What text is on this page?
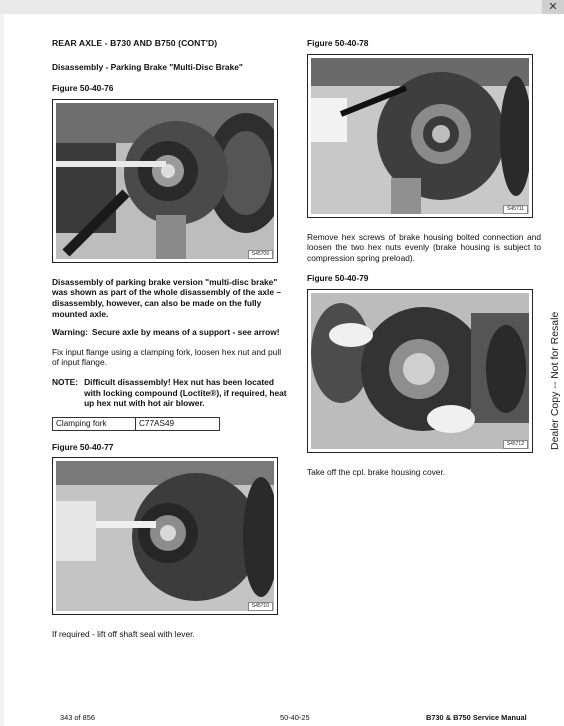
✕

REAR AXLE - B730 AND B750 (CONT'D)

Disassembly - Parking Brake "Multi-Disc Brake"

Figure 50-40-76

S45709

Disassembly of parking brake version "multi-disc brake" was shown as part of the whole disassembly of the axle – disassembly, however, can also be made on the fully mounted axle.

Warning: Secure axle by means of a support - see arrow!

Fix input flange using a clamping fork, loosen hex nut and pull of input flange.

NOTE: Difficult disassembly! Hex nut has been located with locking compound (Loctite®), if required, heat up hex nut with hot air blower.
Clamping fork	C77AS49

Figure 50-40-77

S45710

If required - lift off shaft seal with lever.

Figure 50-40-78

S45711

Remove hex screws of brake housing bolted connection and loosen the two hex nuts evenly (brake housing is subject to compression spring preload).

Figure 50-40-79

S45712

Take off the cpl. brake housing cover.

Dealer Copy -- Not for Resale
343 of 856	50-40-25	B730 & B750 Service Manual
